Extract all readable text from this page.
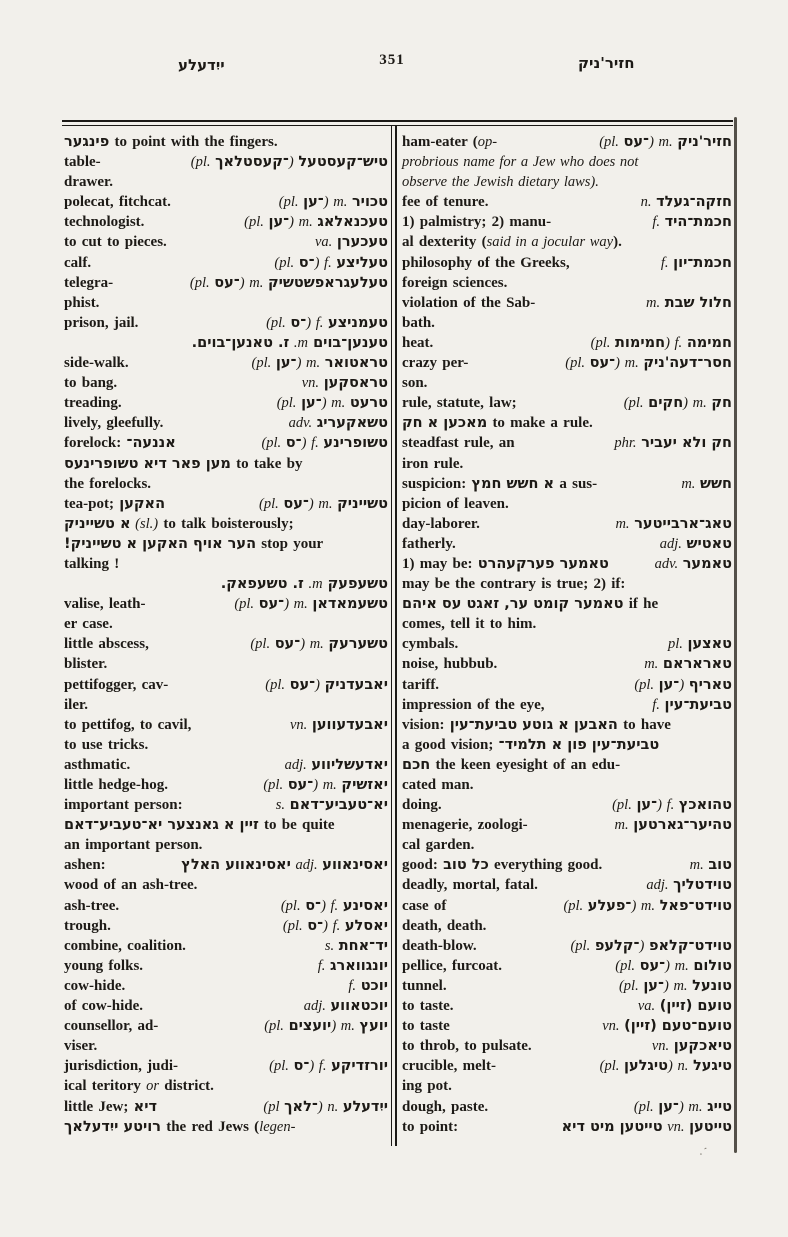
ייִדעלע	351	חזיר'ניק
פינגער to point with the fingers.
table-	(pl. ־קעסטלאך) טיש־קעסטעל
drawer.
polecat, fitchcat.	(pl. ־ען) m. טכויר
technologist.	(pl. ־ען) m. טעכנאלאג
to cut to pieces.	va. טעכערן
calf.	(pl. ־ס) f. טעליצע
telegra-	(pl. ־עס) m. טעלעגראפשטשיק
phist.
prison, jail.	(pl. ־ס) f. טעמניצע
טענען־בוים m. ז. טאנען־בוים.
side-walk.	(pl. ־ען) m. טראטואר
to bang.	vn. טראסקען
treading.	(pl. ־ען) m. טרעט
lively, gleefully.	adv. טשאקעריג
forelock: אננעה־	(pl. ־ס) f. טשופרינע
מען פאר דיא טשופרינעס to take by
the forelocks.
tea-pot; האקען	(pl. ־עס) m. טשייניק
א טשייניק (sl.) to talk boisterously;
הער אויף האקען א טשייניק! stop your
talking !
טשעפעק m. ז. טשעפאק.
valise, leath-	(pl. ־עס) m. טשעמאדאן
er case.
little abscess,	(pl. ־עס) m. טשערעק
blister.
pettifogger, cav-	(pl. ־עס) יאבעדניק
iler.
to pettifog, to cavil,	vn. יאבעדעווען
to use tricks.
asthmatic.	adj. יאדעשליווע
little hedge-hog.	(pl. ־עס) m. יאזשיק
important person:	s. יא־טעביע־דאם
זיין א גאנצער יא־טעביע־דאם to be quite
an important person.
ashen:	יאסינאווע האלץ adj. יאסינאווע
wood of an ash-tree.
ash-tree.	(pl. ־ס) f. יאסינע
trough.	(pl. ־ס) f. יאסלע
combine, coalition.	s. יד־אחת
young folks.	f. יונגווארג
cow-hide.	f. יוכט
of cow-hide.	adj. יוכטאווע
counsellor, ad-	(pl. יועצים) m. יועץ
viser.
jurisdiction, judi-	(pl. ־ס) f. יורזדיקע
ical teritory or district.
little Jew; דיא	(pl ־לאך) n. ייִדעלע
רויטע ייִדעלאך the red Jews (legen-
ham-eater (op-	(pl. ־עס) m. חזיר'ניק
probrious name for a Jew who does not
observe the Jewish dietary laws).
fee of tenure.	n. חזקה־געלד
1) palmistry; 2) manu-	f. חכמת־היד
al dexterity (said in a jocular way).
philosophy of the Greeks,	f. חכמת־יון
foreign sciences.
violation of the Sab-	m. חלול שבת
bath.
heat.	(pl. חמימות) f. חמימה
crazy per-	(pl. ־עס) m. חסר־דעה'ניק
son.
rule, statute, law;	(pl. חקים) m. חק
מאכען א חק to make a rule.
steadfast rule, an	phr. חק ולא יעביר
iron rule.
suspicion: א חשש חמץ a sus-	m. חשש
picion of leaven.
day-laborer.	m. טאג־ארבייטער
fatherly.	adj. טאטיש
1) may be: טאמער פערקעהרט	adv. טאמער
may be the contrary is true; 2) if:
טאמער קומט ער, זאגט עס איהם if he
comes, tell it to him.
cymbals.	pl. טאצען
noise, hubbub.	m. טאראראם
tariff.	(pl. ־ען) טאריף
impression of the eye,	f. טביעת־עין
vision: האבען א גוטע טביעת־עין to have
a good vision; טביעת־עין פון א תלמיד־
חכם the keen eyesight of an edu-
cated man.
doing.	(pl. ־ען) f. טהואכץ
menagerie, zoologi-	m. טהיער־גארטען
cal garden.
good: כל טוב everything good.	m. טוב
deadly, mortal, fatal.	adj. טוידטליך
case of	(pl. ־פעלע) m. טוידט־פאל
death, death.
death-blow.	(pl. ־קלעפ) טוידט־קלאפ
pellice, furcoat.	(pl. ־עס) m. טולום
tunnel.	(pl. ־ען) m. טונעל
to taste.	va. טועם (זיין)
to taste	vn. טועם־טעם (זיין)
to throb, to pulsate.	vn. טיאכקען
crucible, melt-	(pl. טיגלען) n. טיגעל
ing pot.
dough, paste.	(pl. ־ען) m. טייג
to point:	טייטען מיט דיא vn. טייטען
.ˊ
